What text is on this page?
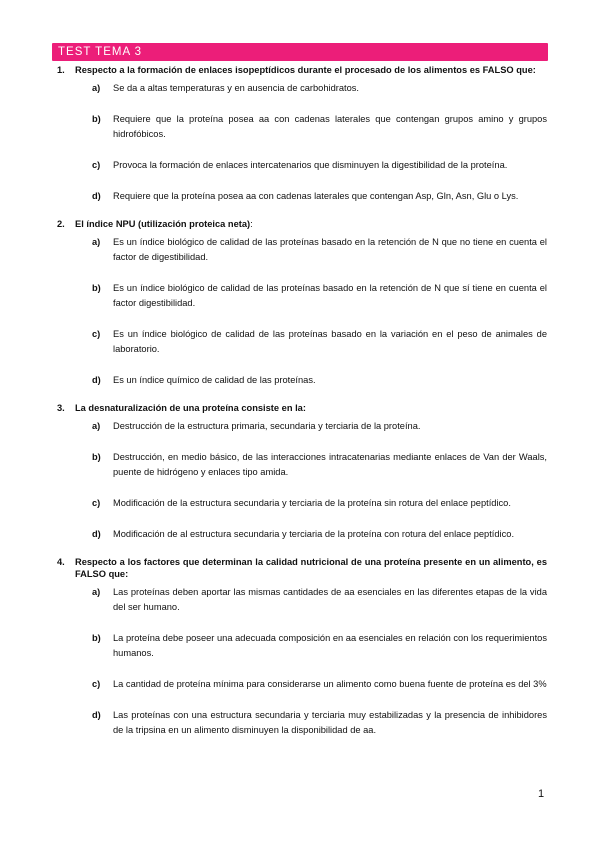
TEST TEMA 3
1.	Respecto a la formación de enlaces isopeptídicos durante el procesado de los alimentos es FALSO que:
a)	Se da a altas temperaturas y en ausencia de carbohidratos.
b)	Requiere que la proteína posea aa con cadenas laterales que contengan grupos amino y grupos hidrofóbicos.
c)	Provoca la formación de enlaces intercatenarios que disminuyen la digestibilidad de la proteína.
d)	Requiere que la proteína posea aa con cadenas laterales que contengan Asp, Gln, Asn, Glu o Lys.
2.	El índice NPU (utilización proteica neta):
a)	Es un índice biológico de calidad de las proteínas basado en la retención de N que no tiene en cuenta el factor de digestibilidad.
b)	Es un índice biológico de calidad de las proteínas basado en la retención de N que sí tiene en cuenta el factor digestibilidad.
c)	Es un índice biológico de calidad de las proteínas basado en la variación en el peso de animales de laboratorio.
d)	Es un índice químico de calidad de las proteínas.
3.	La desnaturalización de una proteína consiste en la:
a)	Destrucción de la estructura primaria, secundaria y terciaria de la proteína.
b)	Destrucción, en medio básico, de las interacciones intracatenarias mediante enlaces de Van der Waals, puente de hidrógeno y enlaces tipo amida.
c)	Modificación de la estructura secundaria y terciaria de la proteína sin rotura del enlace peptídico.
d)	Modificación de al estructura secundaria y terciaria de la proteína con rotura del enlace peptídico.
4.	Respecto a los factores que determinan la calidad nutricional de una proteína presente en un alimento, es FALSO que:
a)	Las proteínas deben aportar las mismas cantidades de aa esenciales en las diferentes etapas de la vida del ser humano.
b)	La proteína debe poseer una adecuada composición en aa esenciales en relación con los requerimientos humanos.
c)	La cantidad de proteína mínima para considerarse un alimento como buena fuente de proteína es del 3%
d)	Las proteínas con una estructura secundaria y terciaria muy estabilizadas y la presencia de inhibidores de la tripsina en un alimento disminuyen la disponibilidad de aa.
1
